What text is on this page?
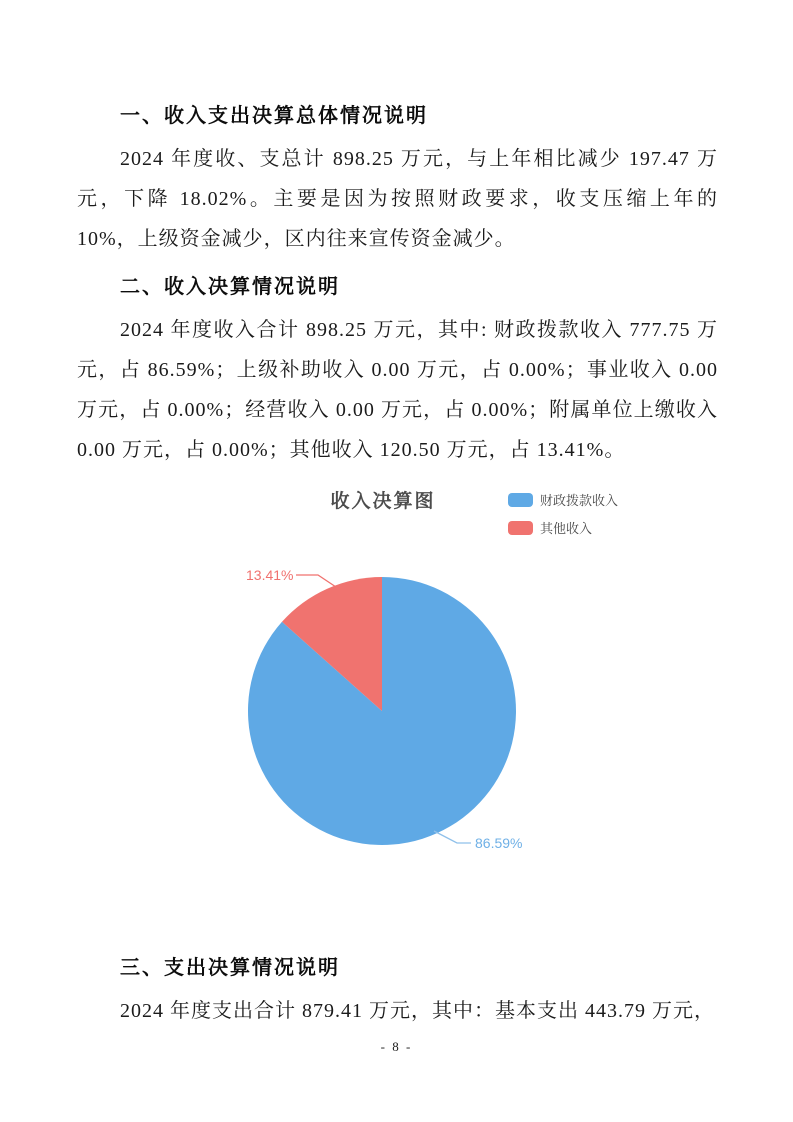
一、收入支出决算总体情况说明

2024 年度收、支总计 898.25 万元，与上年相比减少 197.47 万元，下降 18.02%。主要是因为按照财政要求，收支压缩上年的 10%，上级资金减少，区内往来宣传资金减少。

二、收入决算情况说明

2024 年度收入合计 898.25 万元，其中: 财政拨款收入 777.75 万元，占 86.59%；上级补助收入 0.00 万元，占 0.00%；事业收入 0.00 万元，占 0.00%；经营收入 0.00 万元，占 0.00%；附属单位上缴收入 0.00 万元，占 0.00%；其他收入 120.50 万元，占 13.41%。

收入决算图	财政拨款收入
其他收入
13.41%
86.59%
三、支出决算情况说明

2024 年度支出合计 879.41 万元，其中：基本支出 443.79 万元，

- 8 -
